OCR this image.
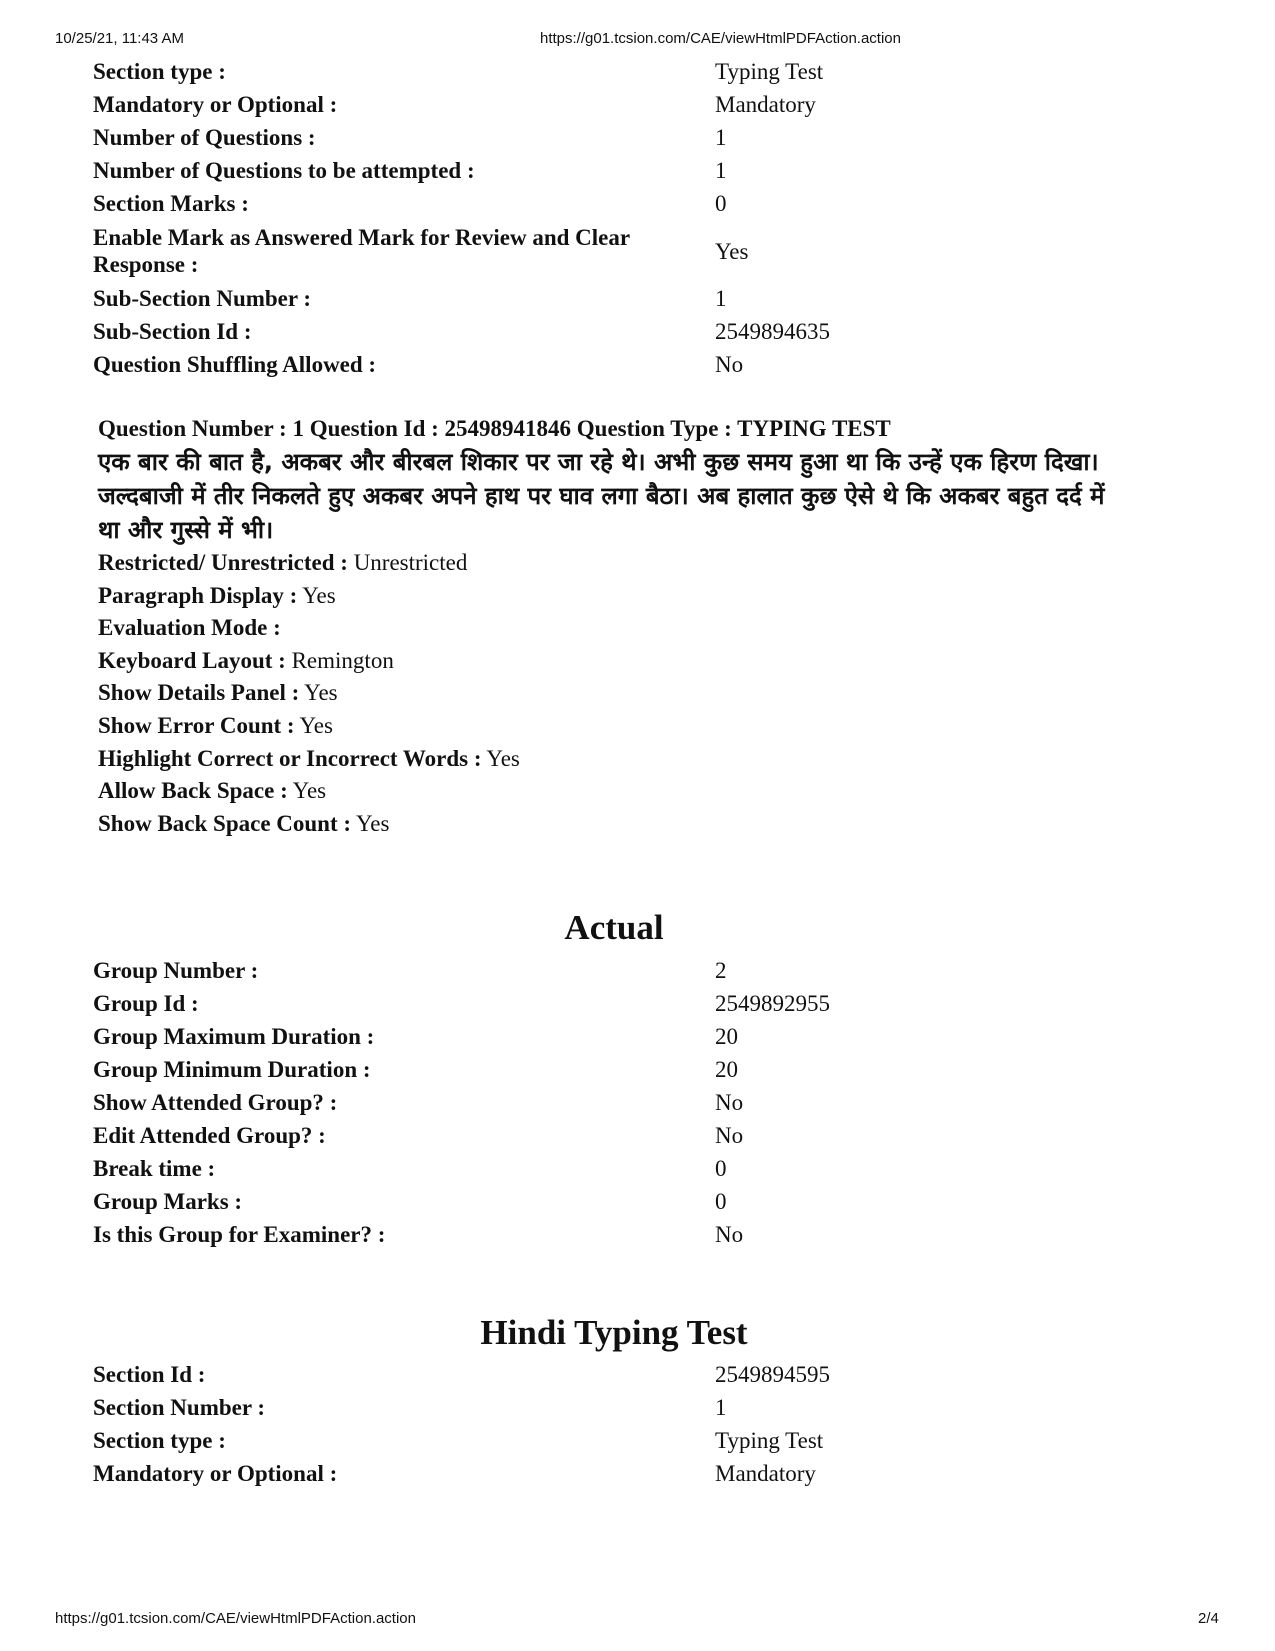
10/25/21, 11:43 AM	https://g01.tcsion.com/CAE/viewHtmlPDFAction.action
Section type :	Typing Test
Mandatory or Optional :	Mandatory
Number of Questions :	1
Number of Questions to be attempted :	1
Section Marks :	0
Enable Mark as Answered Mark for Review and Clear Response :	Yes
Sub-Section Number :	1
Sub-Section Id :	2549894635
Question Shuffling Allowed :	No
Question Number : 1 Question Id : 25498941846 Question Type : TYPING TEST
एक बार की बात है, अकबर और बीरबल शिकार पर जा रहे थे। अभी कुछ समय हुआ था कि उन्हें एक हिरण दिखा। जल्दबाजी में तीर निकलते हुए अकबर अपने हाथ पर घाव लगा बैठा। अब हालात कुछ ऐसे थे कि अकबर बहुत दर्द में था और गुस्से में भी।
Restricted/ Unrestricted : Unrestricted
Paragraph Display : Yes
Evaluation Mode :
Keyboard Layout : Remington
Show Details Panel : Yes
Show Error Count : Yes
Highlight Correct or Incorrect Words : Yes
Allow Back Space : Yes
Show Back Space Count : Yes
Actual
Group Number :	2
Group Id :	2549892955
Group Maximum Duration :	20
Group Minimum Duration :	20
Show Attended Group? :	No
Edit Attended Group? :	No
Break time :	0
Group Marks :	0
Is this Group for Examiner? :	No
Hindi Typing Test
Section Id :	2549894595
Section Number :	1
Section type :	Typing Test
Mandatory or Optional :	Mandatory
https://g01.tcsion.com/CAE/viewHtmlPDFAction.action	2/4
